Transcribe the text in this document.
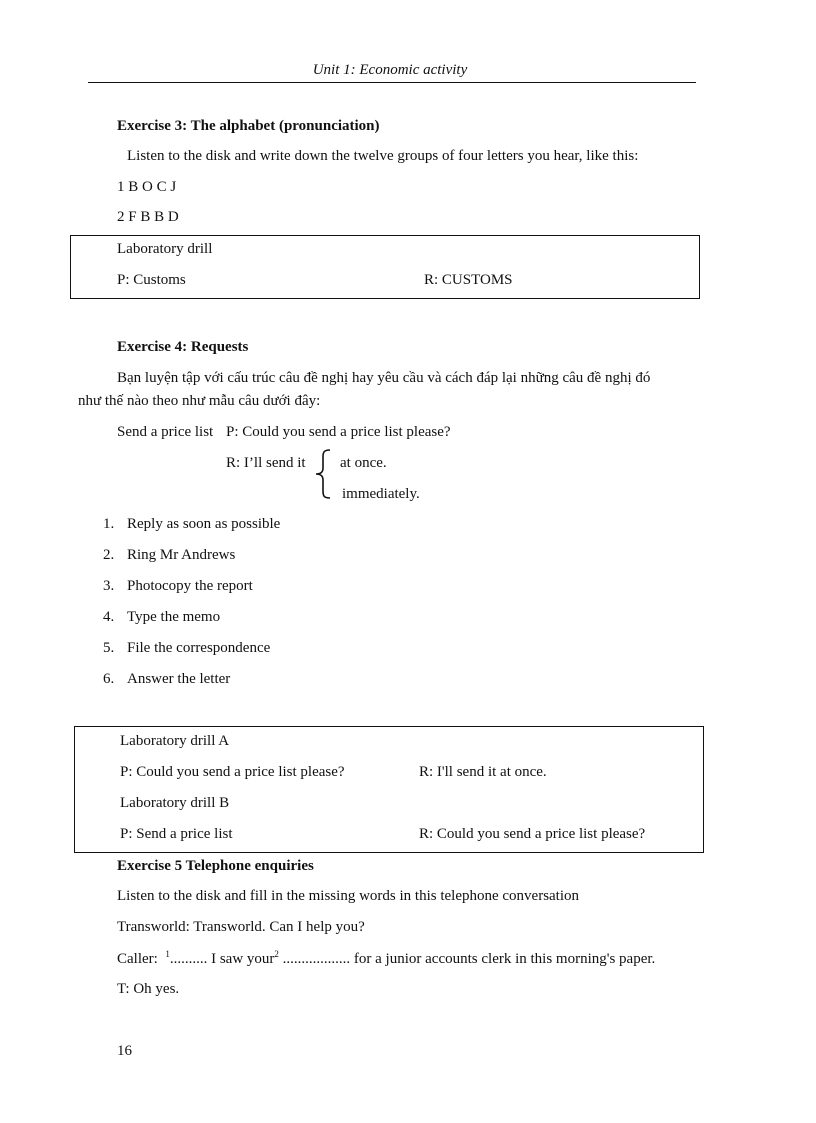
Unit 1: Economic activity
Exercise 3: The alphabet (pronunciation)
Listen to the disk and write down the twelve groups of four letters you hear, like this:
1 B O C J
2 F B B D
Laboratory drill
P: Customs	R: CUSTOMS
Exercise 4: Requests
Bạn luyện tập với cấu trúc câu đề nghị hay yêu cầu và cách đáp lại những câu đề nghị đó
như thế nào theo như mẫu câu dưới đây:
Send a price list P: Could you send a price list please?
R: I’ll send it at once.
immediately.
1. Reply as soon as possible
2. Ring Mr Andrews
3. Photocopy the report
4. Type the memo
5. File the correspondence
6. Answer the letter
Laboratory drill A
P: Could you send a price list please?	R: I'll send it at once.
Laboratory drill B
P: Send a price list	R: Could you send a price list please?
Exercise 5 Telephone enquiries
Listen to the disk and fill in the missing words in this telephone conversation
Transworld: Transworld. Can I help you?
Caller: $^1$.......... I saw your$^2$ .................. for a junior accounts clerk in this morning's paper.
T: Oh yes.
16
